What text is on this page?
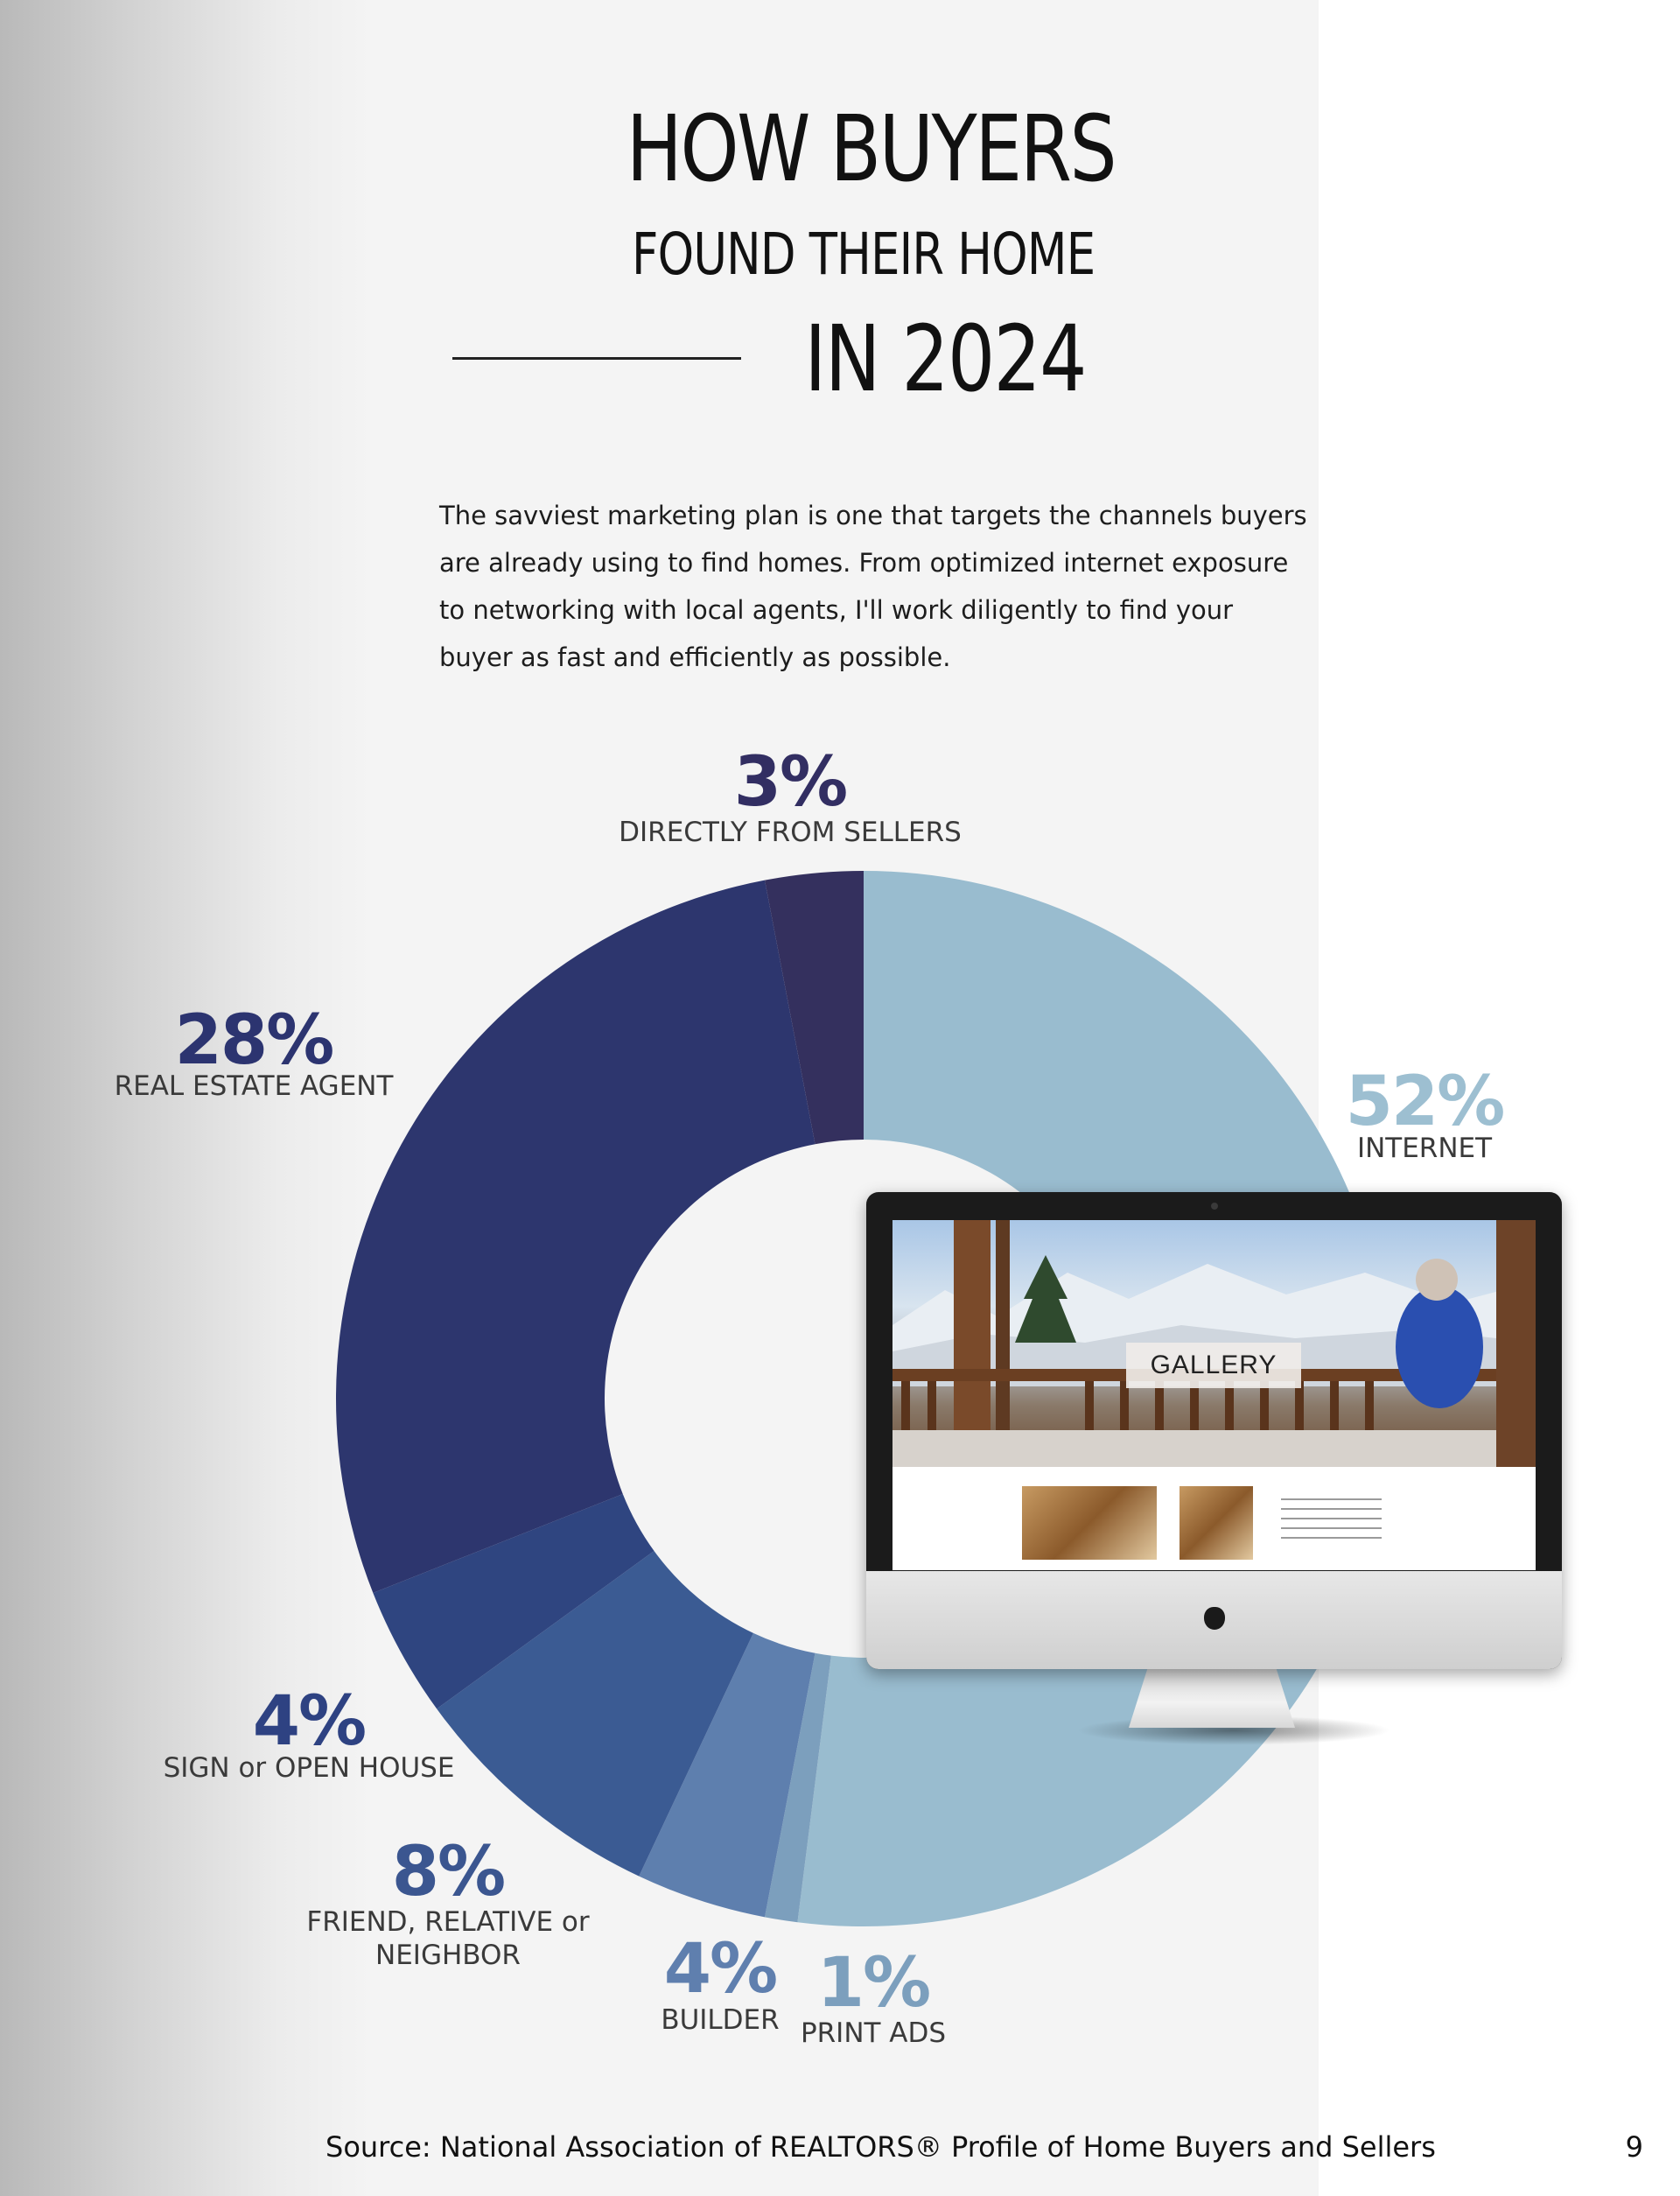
HOW BUYERS
FOUND THEIR HOME
IN 2024
The savviest marketing plan is one that targets the channels buyers
are already using to find homes. From optimized internet exposure
to networking with local agents, I'll work diligently to find your
buyer as fast and efficiently as possible.
52%
INTERNET
1%
PRINT ADS
4%
BUILDER
8%
FRIEND, RELATIVE or
NEIGHBOR
4%
SIGN or OPEN HOUSE
28%
REAL ESTATE AGENT
3%
DIRECTLY FROM SELLERS
GALLERY
Source: National Association of REALTORS® Profile of Home Buyers and Sellers	9
